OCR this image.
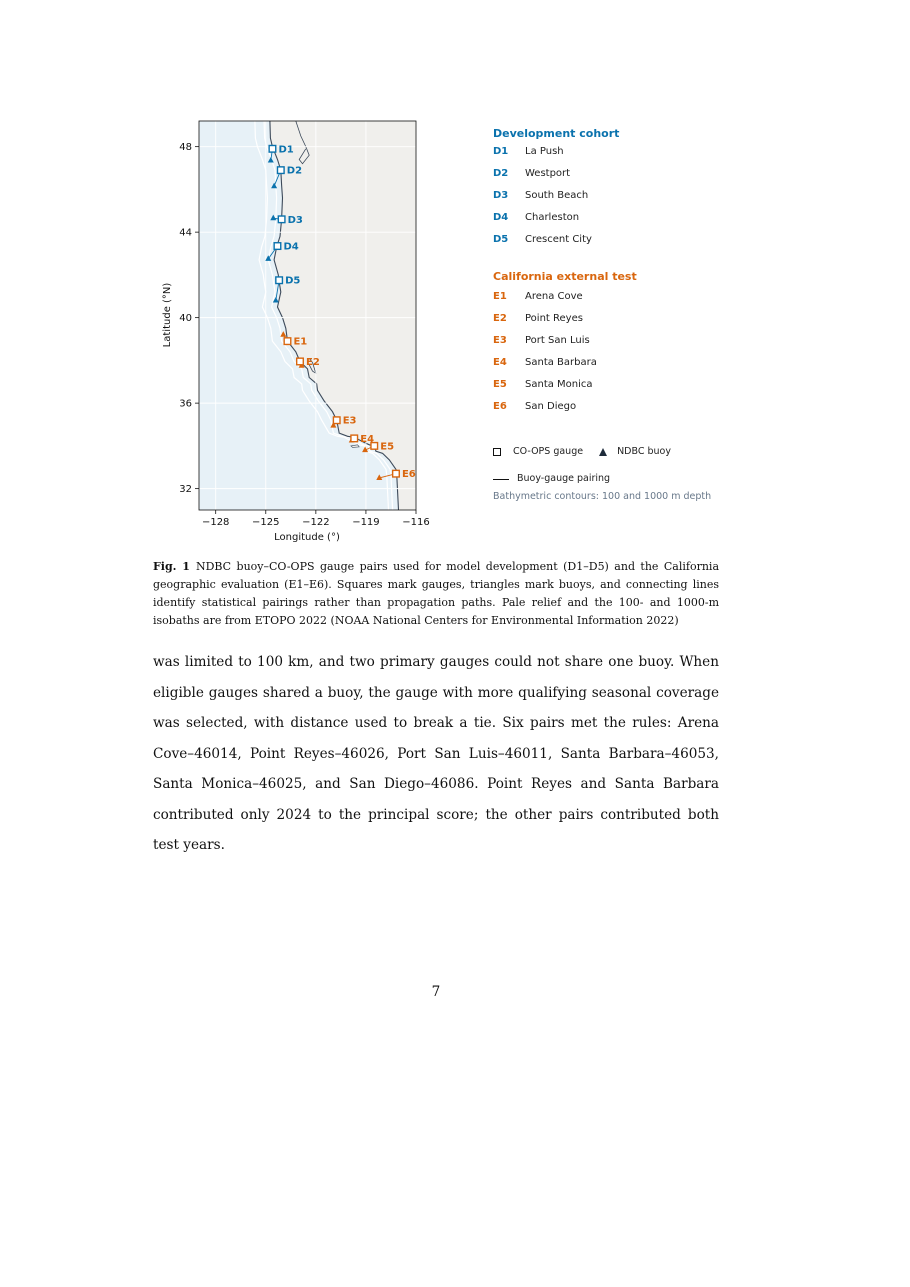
−128 −125 −122 −119 −116
32
36
40
44
48
Longitude (°)
Latitude (°N)
D1
D2
D3
D4
D5
E1
E2
E3
E4
E5
E6
Development cohort
D1	La Push
D2	Westport
D3	South Beach
D4	Charleston
D5	Crescent City
California external test
E1	Arena Cove
E2	Point Reyes
E3	Port San Luis
E4	Santa Barbara
E5	Santa Monica
E6	San Diego
CO-OPS gauge	NDBC buoy
Buoy-gauge pairing
Bathymetric contours: 100 and 1000 m depth
Fig. 1 NDBC buoy–CO-OPS gauge pairs used for model development (D1–D5) and the California geographic evaluation (E1–E6). Squares mark gauges, triangles mark buoys, and connecting lines identify statistical pairings rather than propagation paths. Pale relief and the 100- and 1000-m isobaths are from ETOPO 2022 (NOAA National Centers for Environmental Information 2022)
was limited to 100 km, and two primary gauges could not share one buoy. When eligible gauges shared a buoy, the gauge with more qualifying seasonal coverage was selected, with distance used to break a tie. Six pairs met the rules: Arena Cove–46014, Point Reyes–46026, Port San Luis–46011, Santa Barbara–46053, Santa Monica–46025, and San Diego–46086. Point Reyes and Santa Barbara contributed only 2024 to the principal score; the other pairs contributed both test years.
7
